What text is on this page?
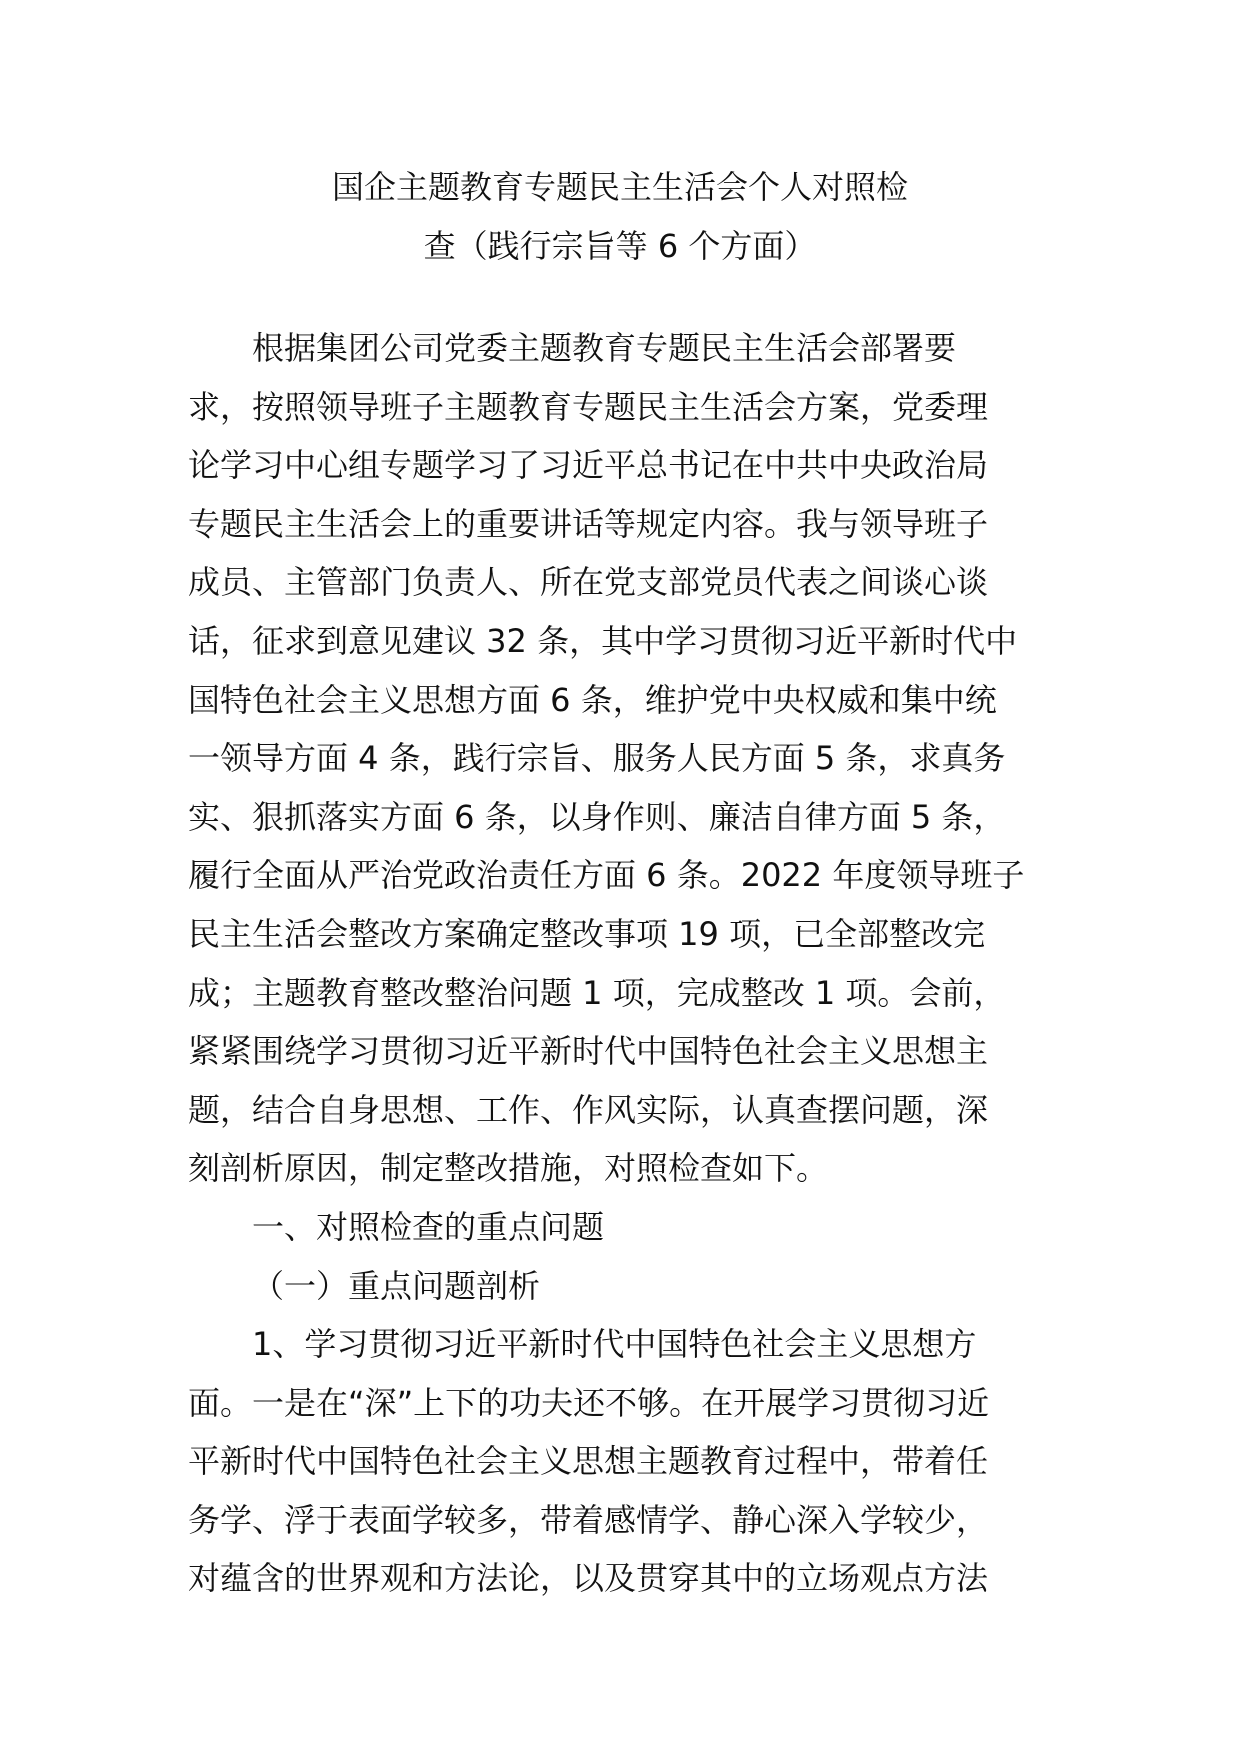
国企主题教育专题民主生活会个人对照检
查（践行宗旨等 6 个方面）
根据集团公司党委主题教育专题民主生活会部署要
求，按照领导班子主题教育专题民主生活会方案，党委理
论学习中心组专题学习了习近平总书记在中共中央政治局
专题民主生活会上的重要讲话等规定内容。我与领导班子
成员、主管部门负责人、所在党支部党员代表之间谈心谈
话，征求到意见建议 32 条，其中学习贯彻习近平新时代中
国特色社会主义思想方面 6 条，维护党中央权威和集中统
一领导方面 4 条，践行宗旨、服务人民方面 5 条，求真务
实、狠抓落实方面 6 条，以身作则、廉洁自律方面 5 条，
履行全面从严治党政治责任方面 6 条。2022 年度领导班子
民主生活会整改方案确定整改事项 19 项，已全部整改完
成；主题教育整改整治问题 1 项，完成整改 1 项。会前，
紧紧围绕学习贯彻习近平新时代中国特色社会主义思想主
题，结合自身思想、工作、作风实际，认真查摆问题，深
刻剖析原因，制定整改措施，对照检查如下。
一、对照检查的重点问题
（一）重点问题剖析
1、学习贯彻习近平新时代中国特色社会主义思想方
面。一是在“深”上下的功夫还不够。在开展学习贯彻习近
平新时代中国特色社会主义思想主题教育过程中，带着任
务学、浮于表面学较多，带着感情学、静心深入学较少，
对蕴含的世界观和方法论，以及贯穿其中的立场观点方法
